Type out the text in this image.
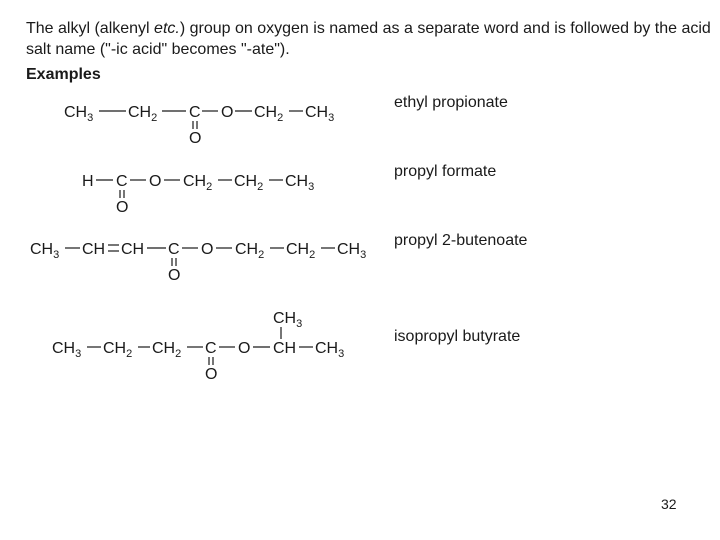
The alkyl (alkenyl etc.) group on oxygen is named as a separate word and is followed by the acid salt name ("-ic acid" becomes "-ate").

Examples
$CH_3$ $CH_2$ C
O
O $CH_2$ $CH_3$
ethyl propionate
H C
O
O $CH_2$ $CH_2$ $CH_3$
propyl formate
$CH_3$ CH CH C
O
O $CH_2$ $CH_2$ $CH_3$
propyl 2-butenoate
$CH_3$ $CH_2$ $CH_2$ C
O
O
$CH_3$
CH $CH_3$
isopropyl butyrate
32
